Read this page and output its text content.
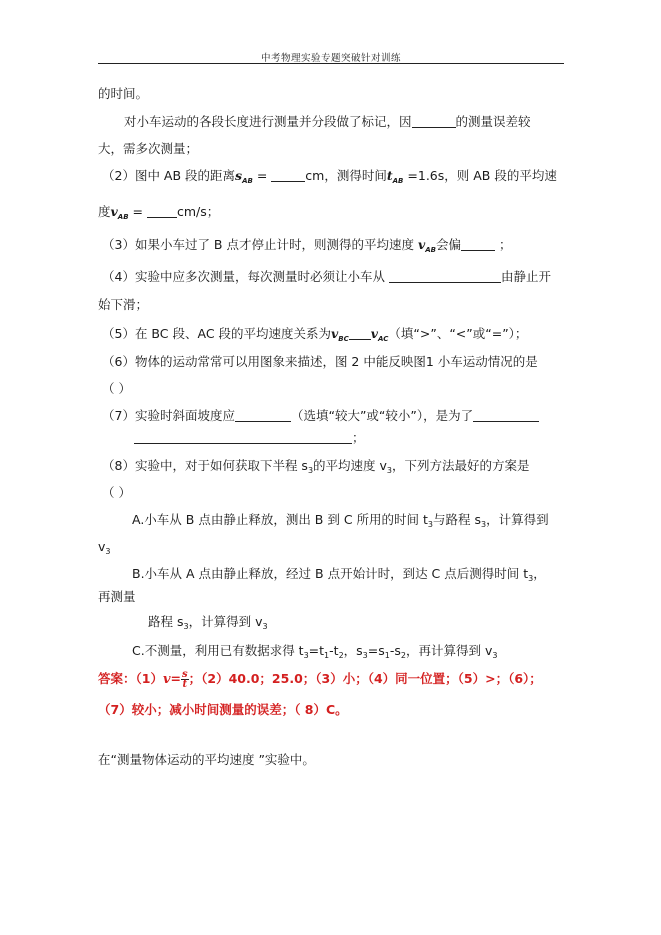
中考物理实验专题突破针对训练
的时间。
对小车运动的各段长度进行测量并分段做了标记，因	的测量误差较
大，需多次测量；
（2）图中 AB 段的距离$s_{AB}$ =	cm，测得时间$t_{AB} =1.6s$，则 AB 段的平均速
度$v_{AB}$ =	cm/s；
（3）如果小车过了 B 点才停止计时，则测得的平均速度 $v_{AB}$会偏	；
（4）实验中应多次测量，每次测量时必须让小车从	由静止开
始下滑；
（5）在 BC 段、AC 段的平均速度关系为$v_{BC}$ $v_{AC}$（填“>”、“<”或“=”）；
（6）物体的运动常常可以用图象来描述，图 2 中能反映图1 小车运动情况的是
（ ）
（7）实验时斜面坡度应	（选填“较大”或“较小”），是为了
；
（8）实验中，对于如何获取下半程 $s_3$的平均速度 $v_3$，下列方法最好的方案是
（ ）
A.小车从 B 点由静止释放，测出 B 到 C 所用的时间 $t_3$与路程 $s_3$，计算得到
$v_3$
B.小车从 A 点由静止释放，经过 B 点开始计时，到达 C 点后测得时间 $t_3$，
再测量
路程 $s_3$，计算得到 $v_3$
C.不测量，利用已有数据求得 $t_3=t_1-t_2$，$s_3=s_1-s_2$，再计算得到 $v_3$
答案：$(1)v= \frac{s}{t}$ ；（2）40.0；25.0；（3）小；（4）同一位置；（5）>；（6）；
（7）较小；减小时间测量的误差；（ 8）C。
在“测量物体运动的平均速度 ”实验中。
